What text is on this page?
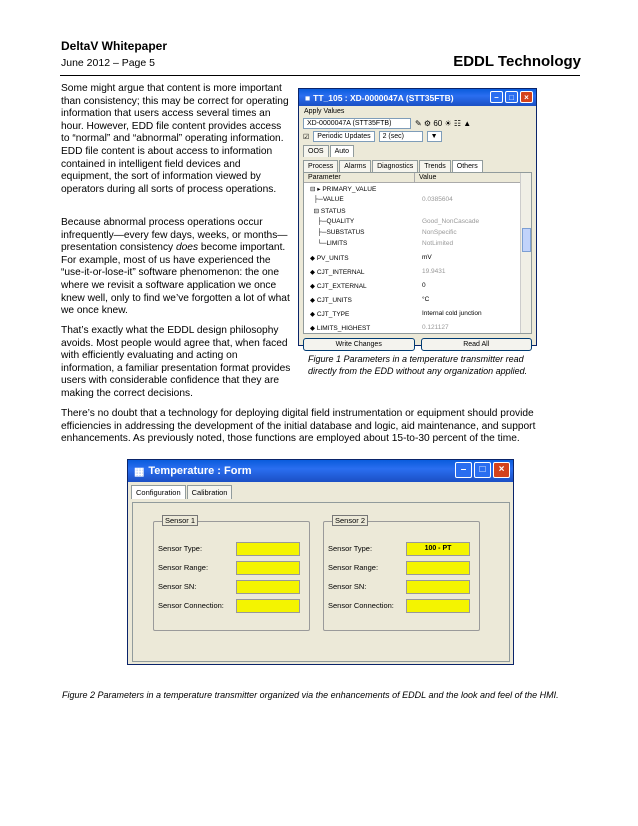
DeltaV Whitepaper
June 2012 – Page 5	EDDL Technology

Some might argue that content is more important than consistency; this may be correct for operating information that users access several times an hour. However, EDD file content provides access to “normal” and “abnormal” operating information. EDD file content is about access to information contained in intelligent field devices and equipment, the sort of information viewed by operators during all sorts of process operations.

Because abnormal process operations occur infrequently—every few days, weeks, or months—presentation consistency does become important. For example, most of us have experienced the “use-it-or-lose-it” software phenomenon: the one where we revisit a software application we once knew well, only to find we’ve forgotten a lot of what we once knew.

That’s exactly what the EDDL design philosophy avoids. Most people would agree that, when faced with efficiently evaluating and acting on information, a familiar presentation format provides users with considerable confidence that they are making the correct decisions.

There’s no doubt that a technology for deploying digital field instrumentation or equipment should provide efficiencies in addressing the development of the initial database and logic, aid maintenance, and support enhancements. As previously noted, those functions are employed about 15-to-30 percent of the time.

■ TT_105 : XD-0000047A (STT35FTB)	–	□	×
Apply Values
XD-0000047A (STT35FTB)	✎ ⚙ 60 ☀ ☷ ▲
☑	Periodic Updates	2 (sec)	▼
OOS	Auto
Process	Alarms	Diagnostics	Trends	Others
Parameter	Value
⊟ ▸ PRIMARY_VALUE
├─VALUE	0.0385604
⊟ STATUS
├─QUALITY	Good_NonCascade
├─SUBSTATUS	NonSpecific
└─LIMITS	NotLimited
◆ PV_UNITS	mV
◆ CJT_INTERNAL	19.9431
◆ CJT_EXTERNAL	0
◆ CJT_UNITS	°C
◆ CJT_TYPE	Internal cold junction
◆ LIMITS_HIGHEST	0.121127
Write Changes	Read All
Figure 1 Parameters in a temperature transmitter read directly from the EDD without any organization applied.
▦ Temperature : Form	–	□	×
Configuration	Calibration
Sensor 1
Sensor Type:
Sensor Range:
Sensor SN:
Sensor Connection:
Sensor 2
Sensor Type:	100 - PT
Sensor Range:
Sensor SN:
Sensor Connection:
Figure 2 Parameters in a temperature transmitter organized via the enhancements of EDDL and the look and feel of the HMI.
